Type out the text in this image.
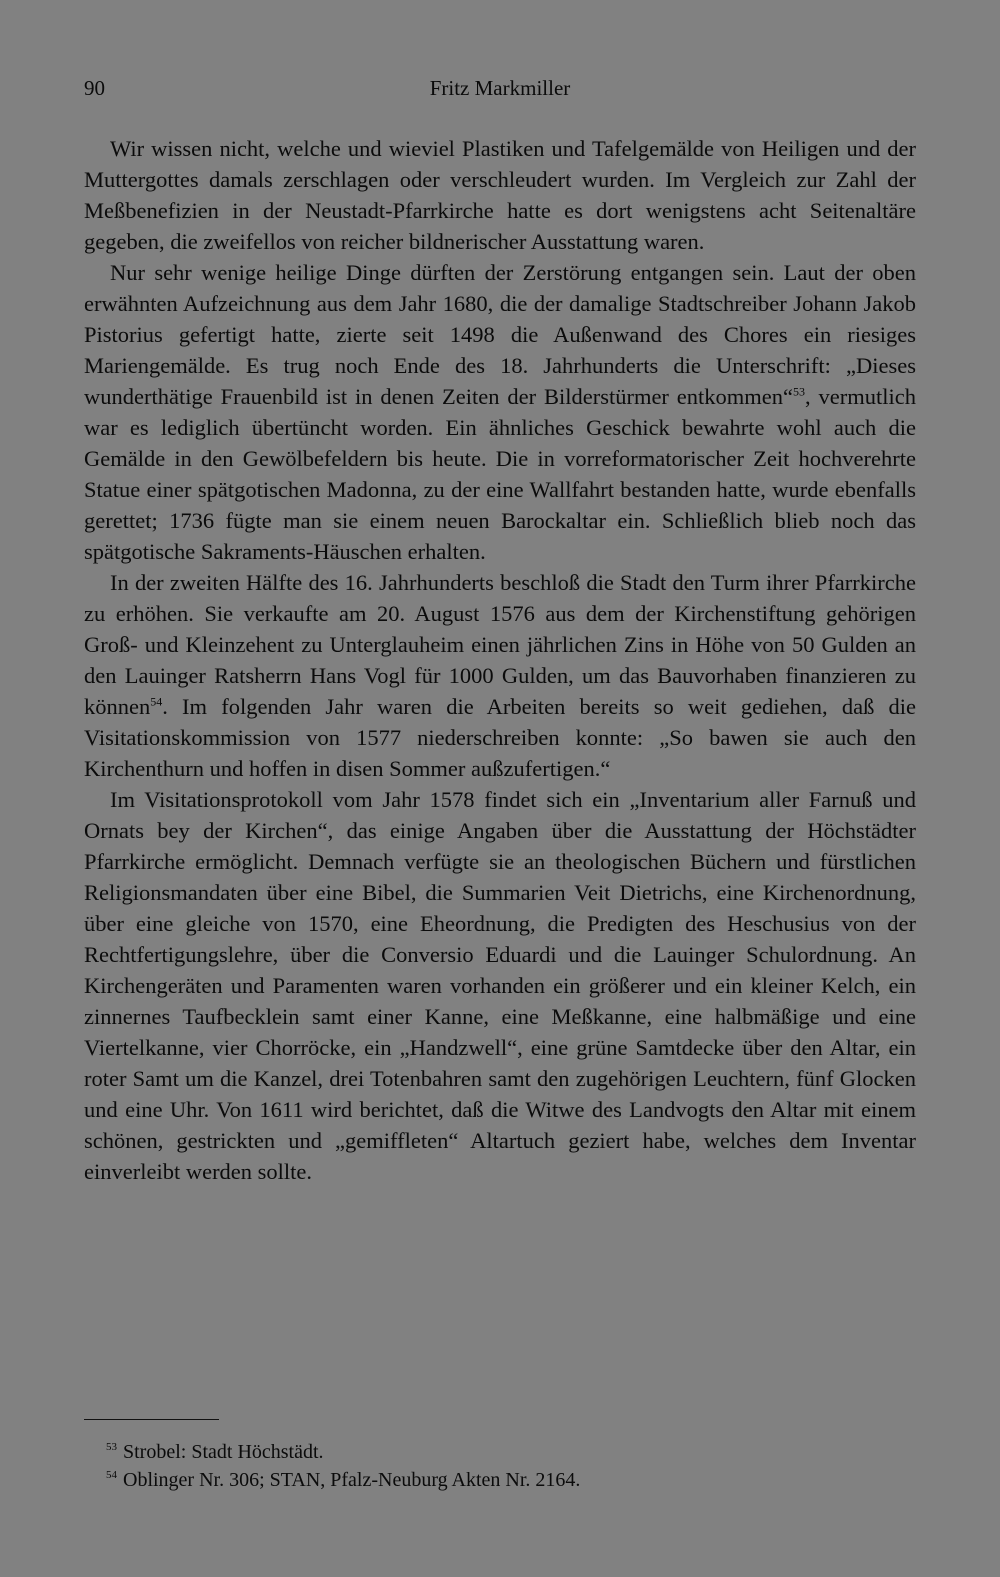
90	Fritz Markmiller

Wir wissen nicht, welche und wieviel Plastiken und Tafelgemälde von Heiligen und der Muttergottes damals zerschlagen oder verschleudert wurden. Im Vergleich zur Zahl der Meßbenefizien in der Neustadt-Pfarrkirche hatte es dort wenigstens acht Seitenaltäre gegeben, die zweifellos von reicher bildnerischer Ausstattung waren.

Nur sehr wenige heilige Dinge dürften der Zerstörung entgangen sein. Laut der oben erwähnten Aufzeichnung aus dem Jahr 1680, die der damalige Stadtschreiber Johann Jakob Pistorius gefertigt hatte, zierte seit 1498 die Außenwand des Chores ein riesiges Mariengemälde. Es trug noch Ende des 18. Jahrhunderts die Unterschrift: „Dieses wunderthätige Frauenbild ist in denen Zeiten der Bilderstürmer entkommen“$^{53}$, vermutlich war es lediglich übertüncht worden. Ein ähnliches Geschick bewahrte wohl auch die Gemälde in den Gewölbefeldern bis heute. Die in vorreformatorischer Zeit hochverehrte Statue einer spätgotischen Madonna, zu der eine Wallfahrt bestanden hatte, wurde ebenfalls gerettet; 1736 fügte man sie einem neuen Barockaltar ein. Schließlich blieb noch das spätgotische Sakraments-Häuschen erhalten.

In der zweiten Hälfte des 16. Jahrhunderts beschloß die Stadt den Turm ihrer Pfarrkirche zu erhöhen. Sie verkaufte am 20. August 1576 aus dem der Kirchenstiftung gehörigen Groß- und Kleinzehent zu Unterglauheim einen jährlichen Zins in Höhe von 50 Gulden an den Lauinger Ratsherrn Hans Vogl für 1000 Gulden, um das Bauvorhaben finanzieren zu können$^{54}$. Im folgenden Jahr waren die Arbeiten bereits so weit gediehen, daß die Visitationskommission von 1577 niederschreiben konnte: „So bawen sie auch den Kirchenthurn und hoffen in disen Sommer außzufertigen.“

Im Visitationsprotokoll vom Jahr 1578 findet sich ein „Inventarium aller Farnuß und Ornats bey der Kirchen“, das einige Angaben über die Ausstattung der Höchstädter Pfarrkirche ermöglicht. Demnach verfügte sie an theologischen Büchern und fürstlichen Religionsmandaten über eine Bibel, die Summarien Veit Dietrichs, eine Kirchenordnung, über eine gleiche von 1570, eine Eheordnung, die Predigten des Heschusius von der Rechtfertigungslehre, über die Conversio Eduardi und die Lauinger Schulordnung. An Kirchengeräten und Paramenten waren vorhanden ein größerer und ein kleiner Kelch, ein zinnernes Taufbecklein samt einer Kanne, eine Meßkanne, eine halbmäßige und eine Viertelkanne, vier Chorröcke, ein „Handzwell“, eine grüne Samtdecke über den Altar, ein roter Samt um die Kanzel, drei Totenbahren samt den zugehörigen Leuchtern, fünf Glocken und eine Uhr. Von 1611 wird berichtet, daß die Witwe des Landvogts den Altar mit einem schönen, gestrickten und „gemiffleten“ Altartuch geziert habe, welches dem Inventar einverleibt werden sollte.

$^{53}$ Strobel: Stadt Höchstädt.
$^{54}$ Oblinger Nr. 306; STAN, Pfalz-Neuburg Akten Nr. 2164.
